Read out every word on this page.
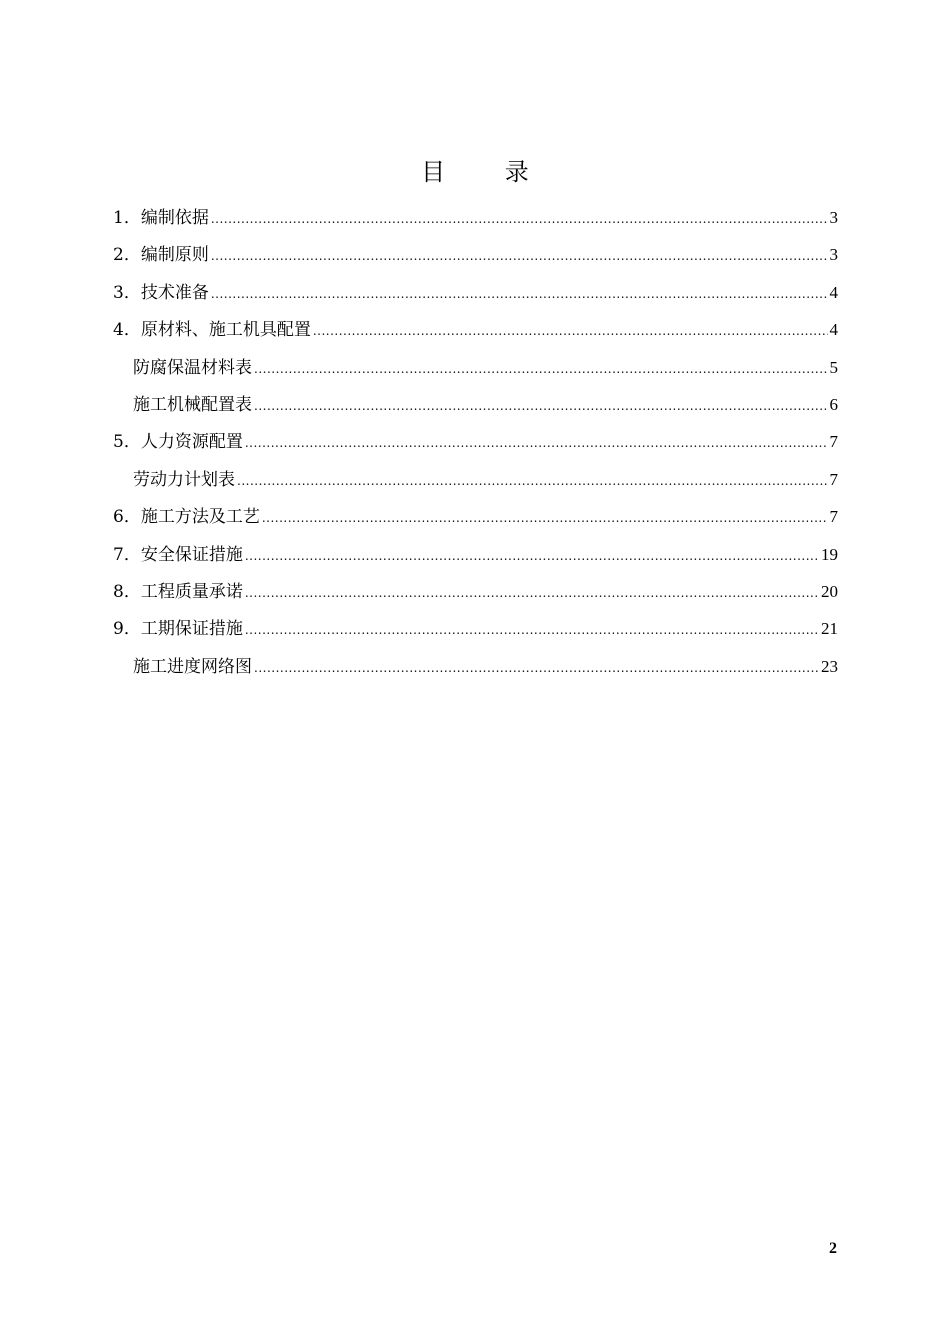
目 录
1． 编制依据 .....	3
2． 编制原则 .....	3
3． 技术准备 .....	4
4． 原材料、施工机具配置 .....	4
防腐保温材料表 .....	5
施工机械配置表 .....	6
5． 人力资源配置 .....	7
劳动力计划表 .....	7
6． 施工方法及工艺 .....	7
7． 安全保证措施 .....	19
8． 工程质量承诺 .....	20
9． 工期保证措施 .....	21
施工进度网络图 .....	23
2
